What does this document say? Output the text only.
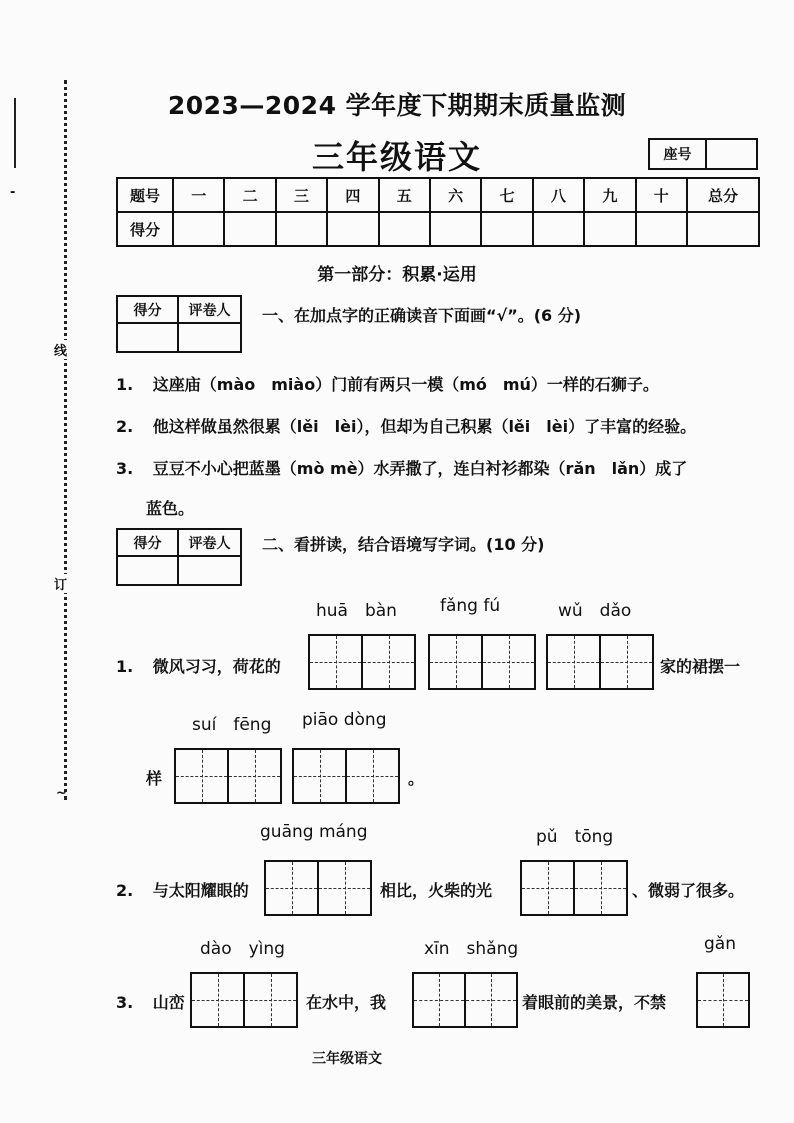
-
线
订
~
2023—2024 学年度下期期末质量监测
三年级语文	座号
题号	一	二	三	四	五	六	七	八	九	十	总分
得分											
第一部分：积累·运用
得分	评卷人	一、在加点字的正确读音下面画“√”。(6 分)
1. 这座庙（mào　miào）门前有两只一模（mó　mú）一样的石狮子。
2. 他这样做虽然很累（lěi　lèi），但却为自己积累（lěi　lèi）了丰富的经验。
3. 豆豆不小心把蓝墨（mò mè）水弄撒了，连白衬衫都染（rǎn　lǎn）成了
蓝色。
得分	评卷人	二、看拼读，结合语境写字词。(10 分)
huā　bàn	fǎng fú	wǔ　dǎo
1. 微风习习，荷花的	家的裙摆一
suí　fēng piāo dòng
样	。
guāng máng	pǔ　tōng
2. 与太阳耀眼的	相比，火柴的光	、微弱了很多。
dào　yìng	xīn　shǎng	gǎn
3. 山峦	在水中，我	着眼前的美景，不禁
三年级语文
